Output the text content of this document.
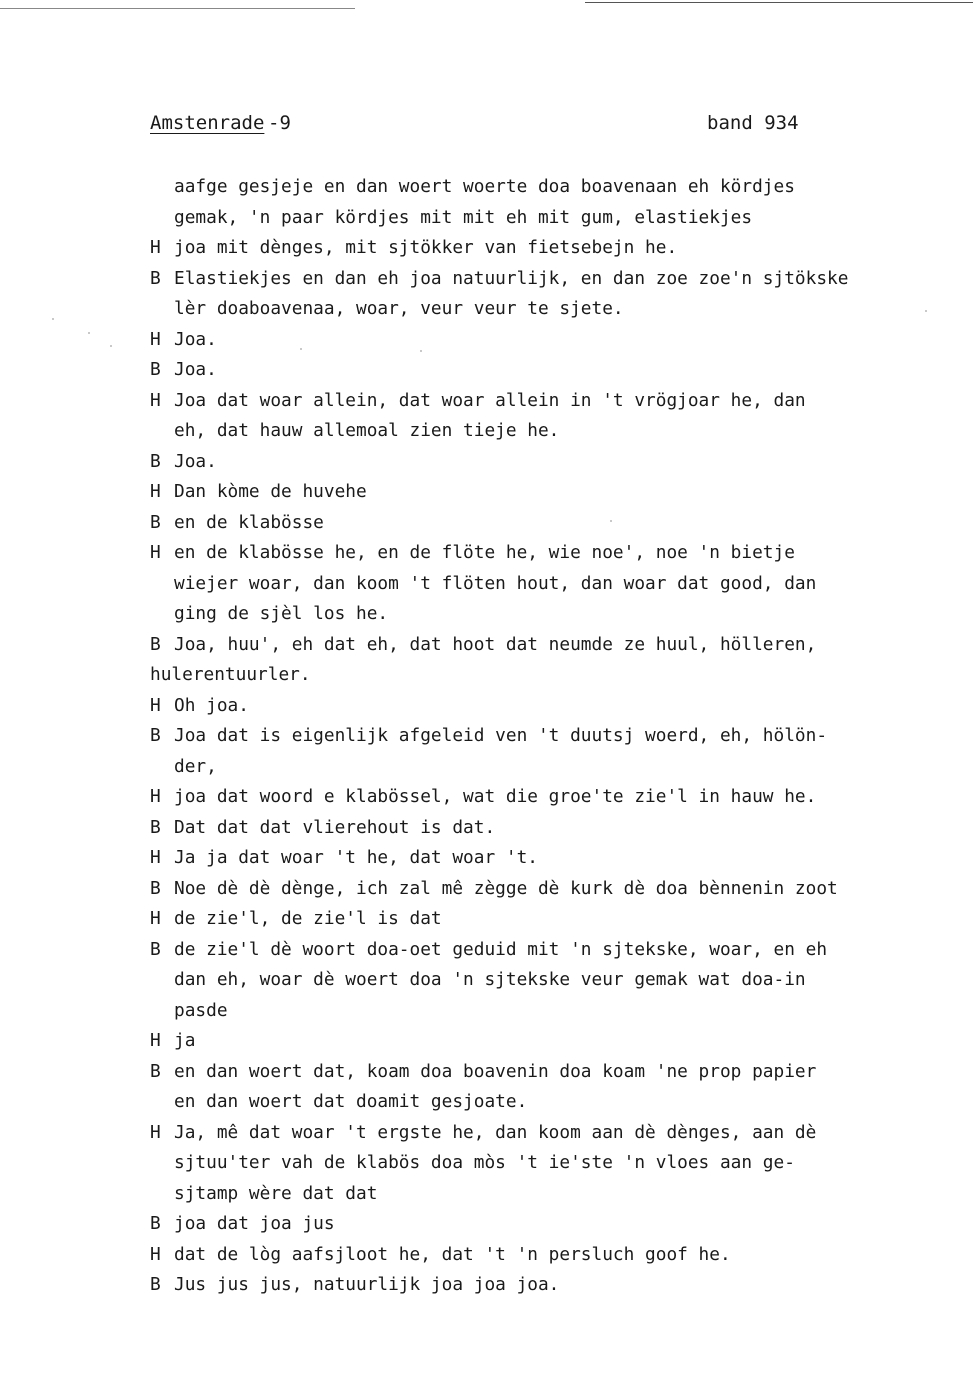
Amstenrade -9	band 934
aafge gesjeje en dan woert woerte doa boavenaan eh kördjes
gemak, 'n paar kördjes mit mit eh mit gum, elastiekjes
H joa mit dènges, mit sjtökker van fietsebejn he.
B Elastiekjes en dan eh joa natuurlijk, en dan zoe zoe'n sjtökske
lèr doaboavenaa, woar, veur veur te sjete.
H Joa.
B Joa.
H Joa dat woar allein, dat woar allein in 't vrögjoar he, dan
eh, dat hauw allemoal zien tieje he.
B Joa.
H Dan kòme de huvehe
B en de klabösse
H en de klabösse he, en de flöte he, wie noe', noe 'n bietje
wiejer woar, dan koom 't flöten hout, dan woar dat good, dan
ging de sjèl los he.
B Joa, huu', eh dat eh, dat hoot dat neumde ze huul, hölleren,
hulerentuurler.
H Oh joa.
B Joa dat is eigenlijk afgeleid ven 't duutsj woerd, eh, hölön-
der,
H joa dat woord e klabössel, wat die groe'te zie'l in hauw he.
B Dat dat dat vlierehout is dat.
H Ja ja dat woar 't he, dat woar 't.
B Noe dè dè dènge, ich zal mê zègge dè kurk dè doa bènnenin zoot
H de zie'l, de zie'l is dat
B de zie'l dè woort doa-oet geduid mit 'n sjtekske, woar, en eh
dan eh, woar dè woert doa 'n sjtekske veur gemak wat doa-in
pasde
H ja
B en dan woert dat, koam doa boavenin doa koam 'ne prop papier
en dan woert dat doamit gesjoate.
H Ja, mê dat woar 't ergste he, dan koom aan dè dènges, aan dè
sjtuu'ter vah de klabös doa mòs 't ie'ste 'n vloes aan ge-
sjtamp wère dat dat
B joa dat joa jus
H dat de lòg aafsjloot he, dat 't 'n persluch goof he.
B Jus jus jus, natuurlijk joa joa joa.
